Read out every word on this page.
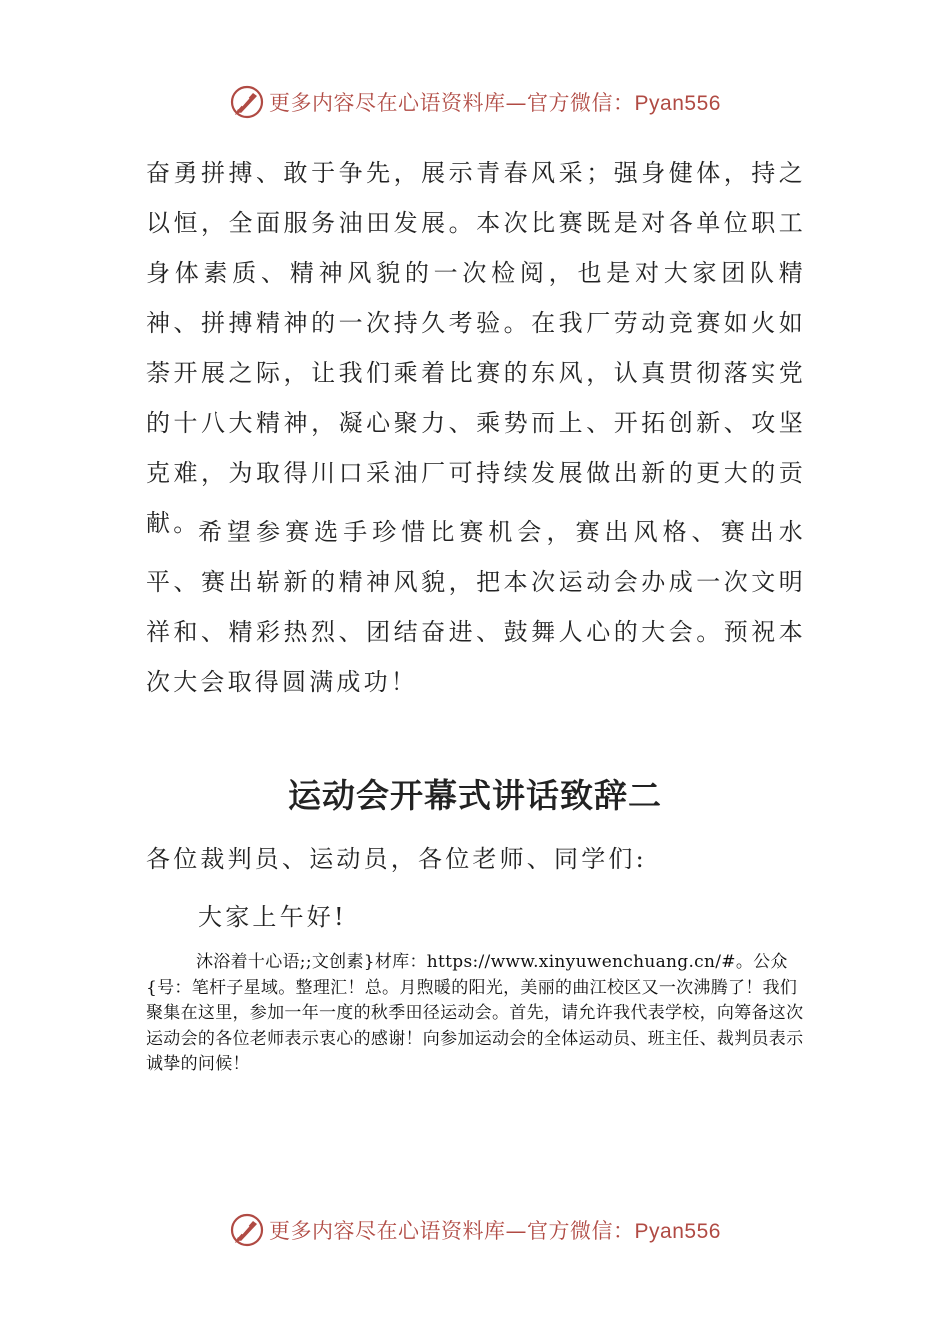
更多内容尽在心语资料库—官方微信：Pyan556

奋勇拼搏、敢于争先，展示青春风采；强身健体，持之以恒，全面服务油田发展。本次比赛既是对各单位职工身体素质、精神风貌的一次检阅，也是对大家团队精神、拼搏精神的一次持久考验。在我厂劳动竞赛如火如荼开展之际，让我们乘着比赛的东风，认真贯彻落实党的十八大精神，凝心聚力、乘势而上、开拓创新、攻坚克难，为取得川口采油厂可持续发展做出新的更大的贡献。

希望参赛选手珍惜比赛机会，赛出风格、赛出水平、赛出崭新的精神风貌，把本次运动会办成一次文明祥和、精彩热烈、团结奋进、鼓舞人心的大会。预祝本次大会取得圆满成功！

运动会开幕式讲话致辞二

各位裁判员、运动员，各位老师、同学们:

大家上午好!

沐浴着十心语;;文创素}材库：https://www.xinyuwenchuang.cn/#。公众{号：笔杆子星域。整理汇！总。月煦暖的阳光，美丽的曲江校区又一次沸腾了！我们聚集在这里，参加一年一度的秋季田径运动会。首先，请允许我代表学校，向筹备这次运动会的各位老师表示衷心的感谢！向参加运动会的全体运动员、班主任、裁判员表示诚挚的问候！

更多内容尽在心语资料库—官方微信：Pyan556
